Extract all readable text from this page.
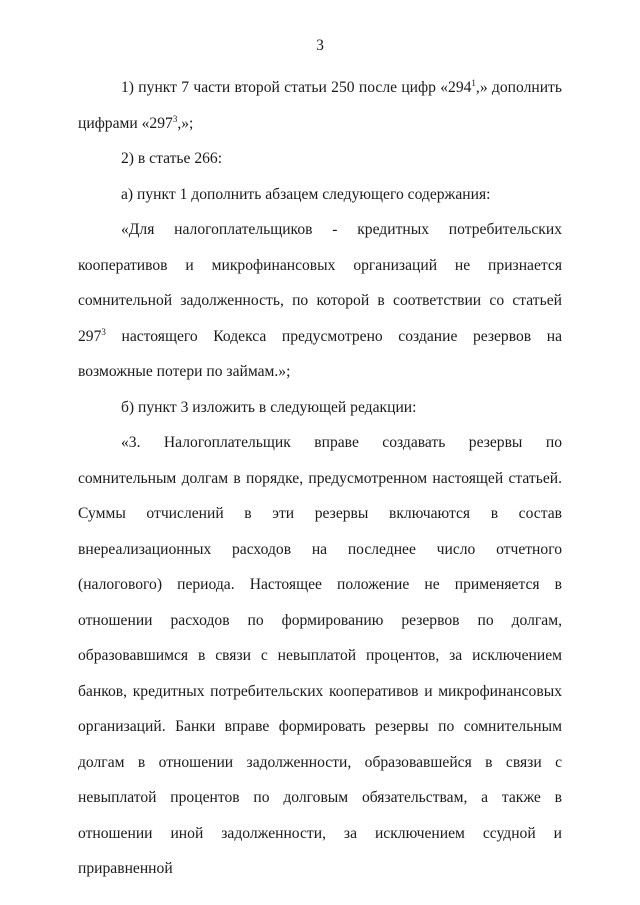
3

1) пункт 7 части второй статьи 250 после цифр «$294^1$,» дополнить цифрами «$297^3$,»;

2) в статье 266:

а) пункт 1 дополнить абзацем следующего содержания:

«Для налогоплательщиков - кредитных потребительских кооперативов и микрофинансовых организаций не признается сомнительной задолженность, по которой в соответствии со статьей $297^3$ настоящего Кодекса предусмотрено создание резервов на возможные потери по займам.»;

б) пункт 3 изложить в следующей редакции:

«3. Налогоплательщик вправе создавать резервы по сомнительным долгам в порядке, предусмотренном настоящей статьей. Суммы отчислений в эти резервы включаются в состав внереализационных расходов на последнее число отчетного (налогового) периода. Настоящее положение не применяется в отношении расходов по формированию резервов по долгам, образовавшимся в связи с невыплатой процентов, за исключением банков, кредитных потребительских кооперативов и микрофинансовых организаций. Банки вправе формировать резервы по сомнительным долгам в отношении задолженности, образовавшейся в связи с невыплатой процентов по долговым обязательствам, а также в отношении иной задолженности, за исключением ссудной и приравненной
